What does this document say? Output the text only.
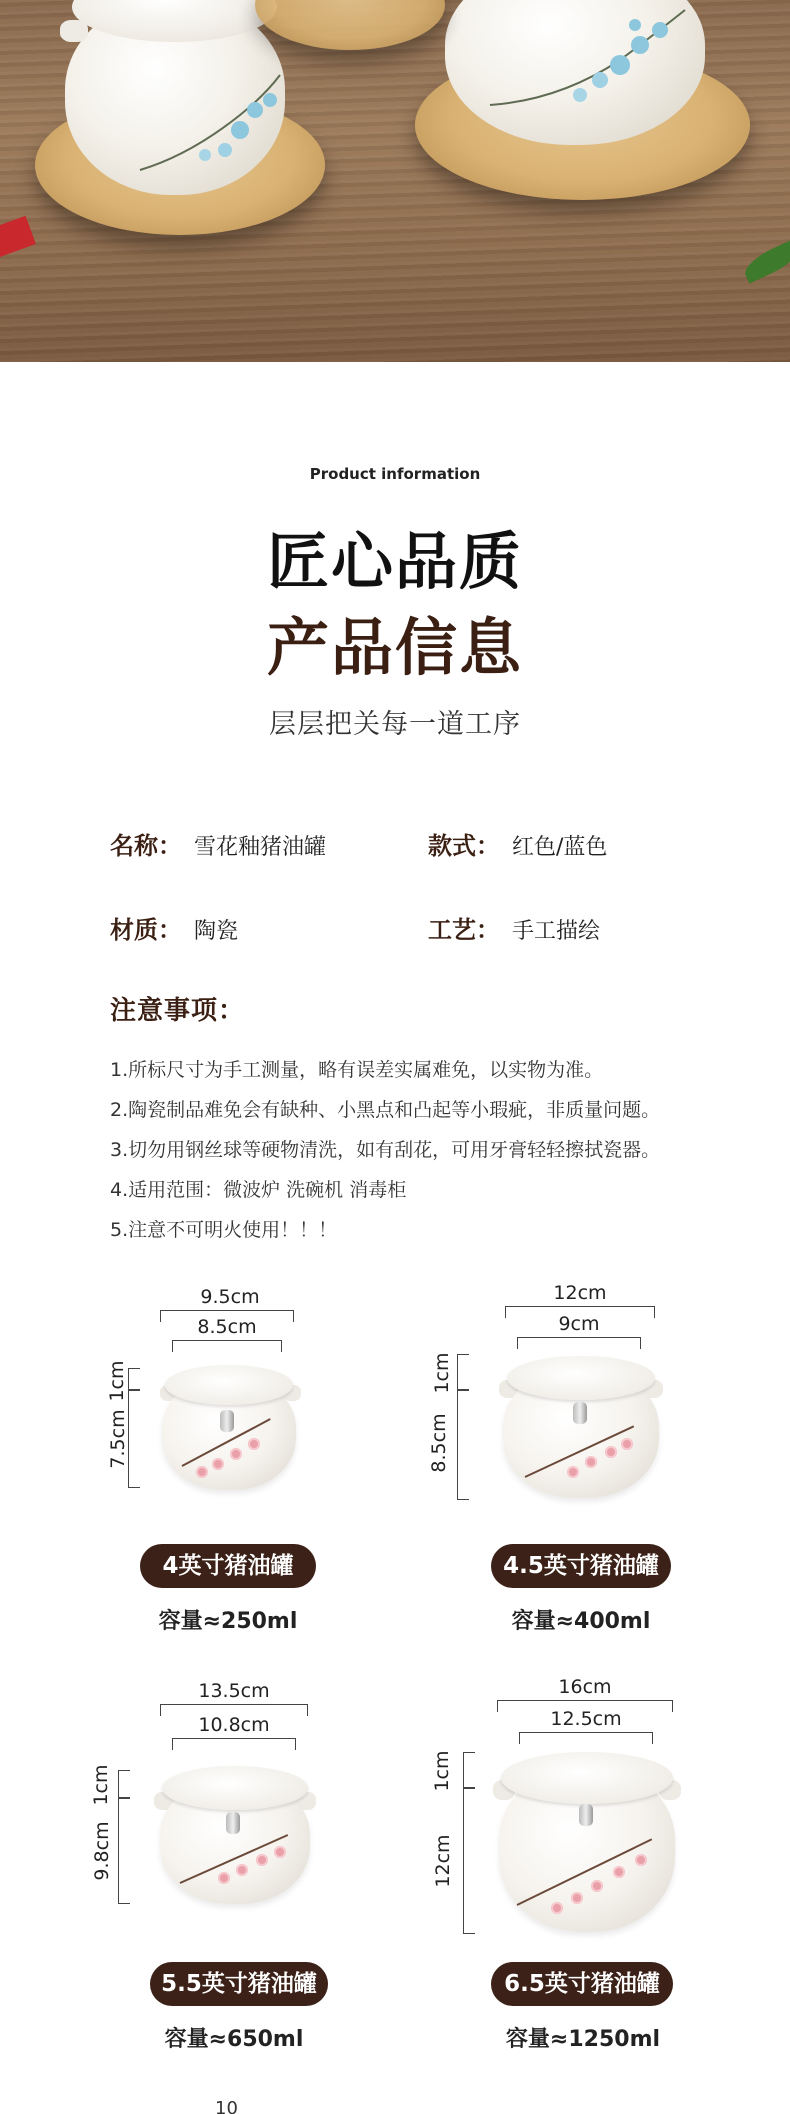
Product information
匠心品质
产品信息
层层把关每一道工序
名称： 雪花釉猪油罐	款式： 红色/蓝色
材质： 陶瓷	工艺： 手工描绘
注意事项：
1.所标尺寸为手工测量，略有误差实属难免，以实物为准。
2.陶瓷制品难免会有缺种、小黑点和凸起等小瑕疵，非质量问题。
3.切勿用钢丝球等硬物清洗，如有刮花，可用牙膏轻轻擦拭瓷器。
4.适用范围：微波炉 洗碗机 消毒柜
5.注意不可明火使用！！！
9.5cm
8.5cm
1cm
7.5cm
4英寸猪油罐
容量≈250ml
12cm
9cm
1cm
8.5cm
4.5英寸猪油罐
容量≈400ml
13.5cm
10.8cm
1cm
9.8cm
5.5英寸猪油罐
容量≈650ml
16cm
12.5cm
1cm
12cm
6.5英寸猪油罐
容量≈1250ml
10
